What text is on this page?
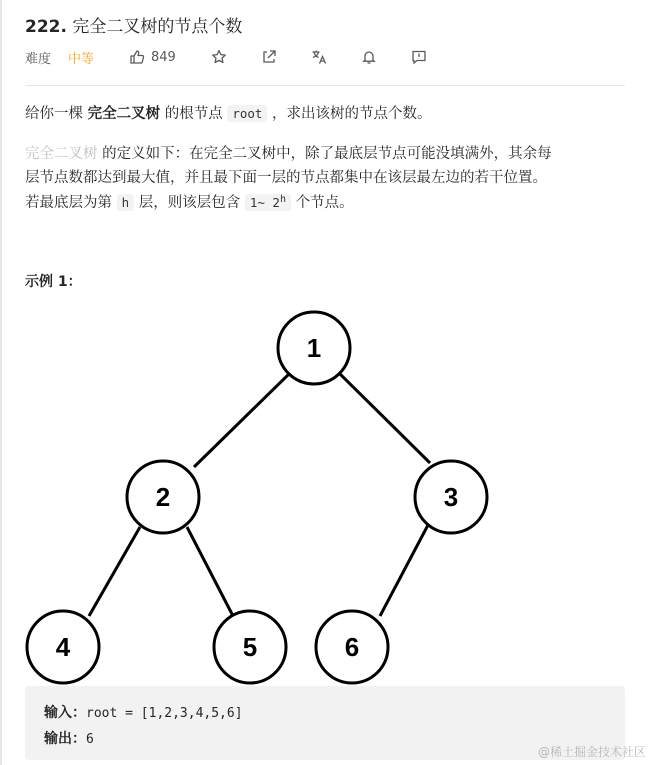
222. 完全二叉树的节点个数
难度 中等	849
给你一棵 完全二叉树 的根节点 root ，求出该树的节点个数。
完全二叉树 的定义如下：在完全二叉树中，除了最底层节点可能没填满外，其余每
层节点数都达到最大值，并且最下面一层的节点都集中在该层最左边的若干位置。
若最底层为第 h 层，则该层包含 1~ 2$^h$ 个节点。
示例 1：
1
2	3
4	5	6
输入：root = [1,2,3,4,5,6]
输出：6
@稀土掘金技术社区
